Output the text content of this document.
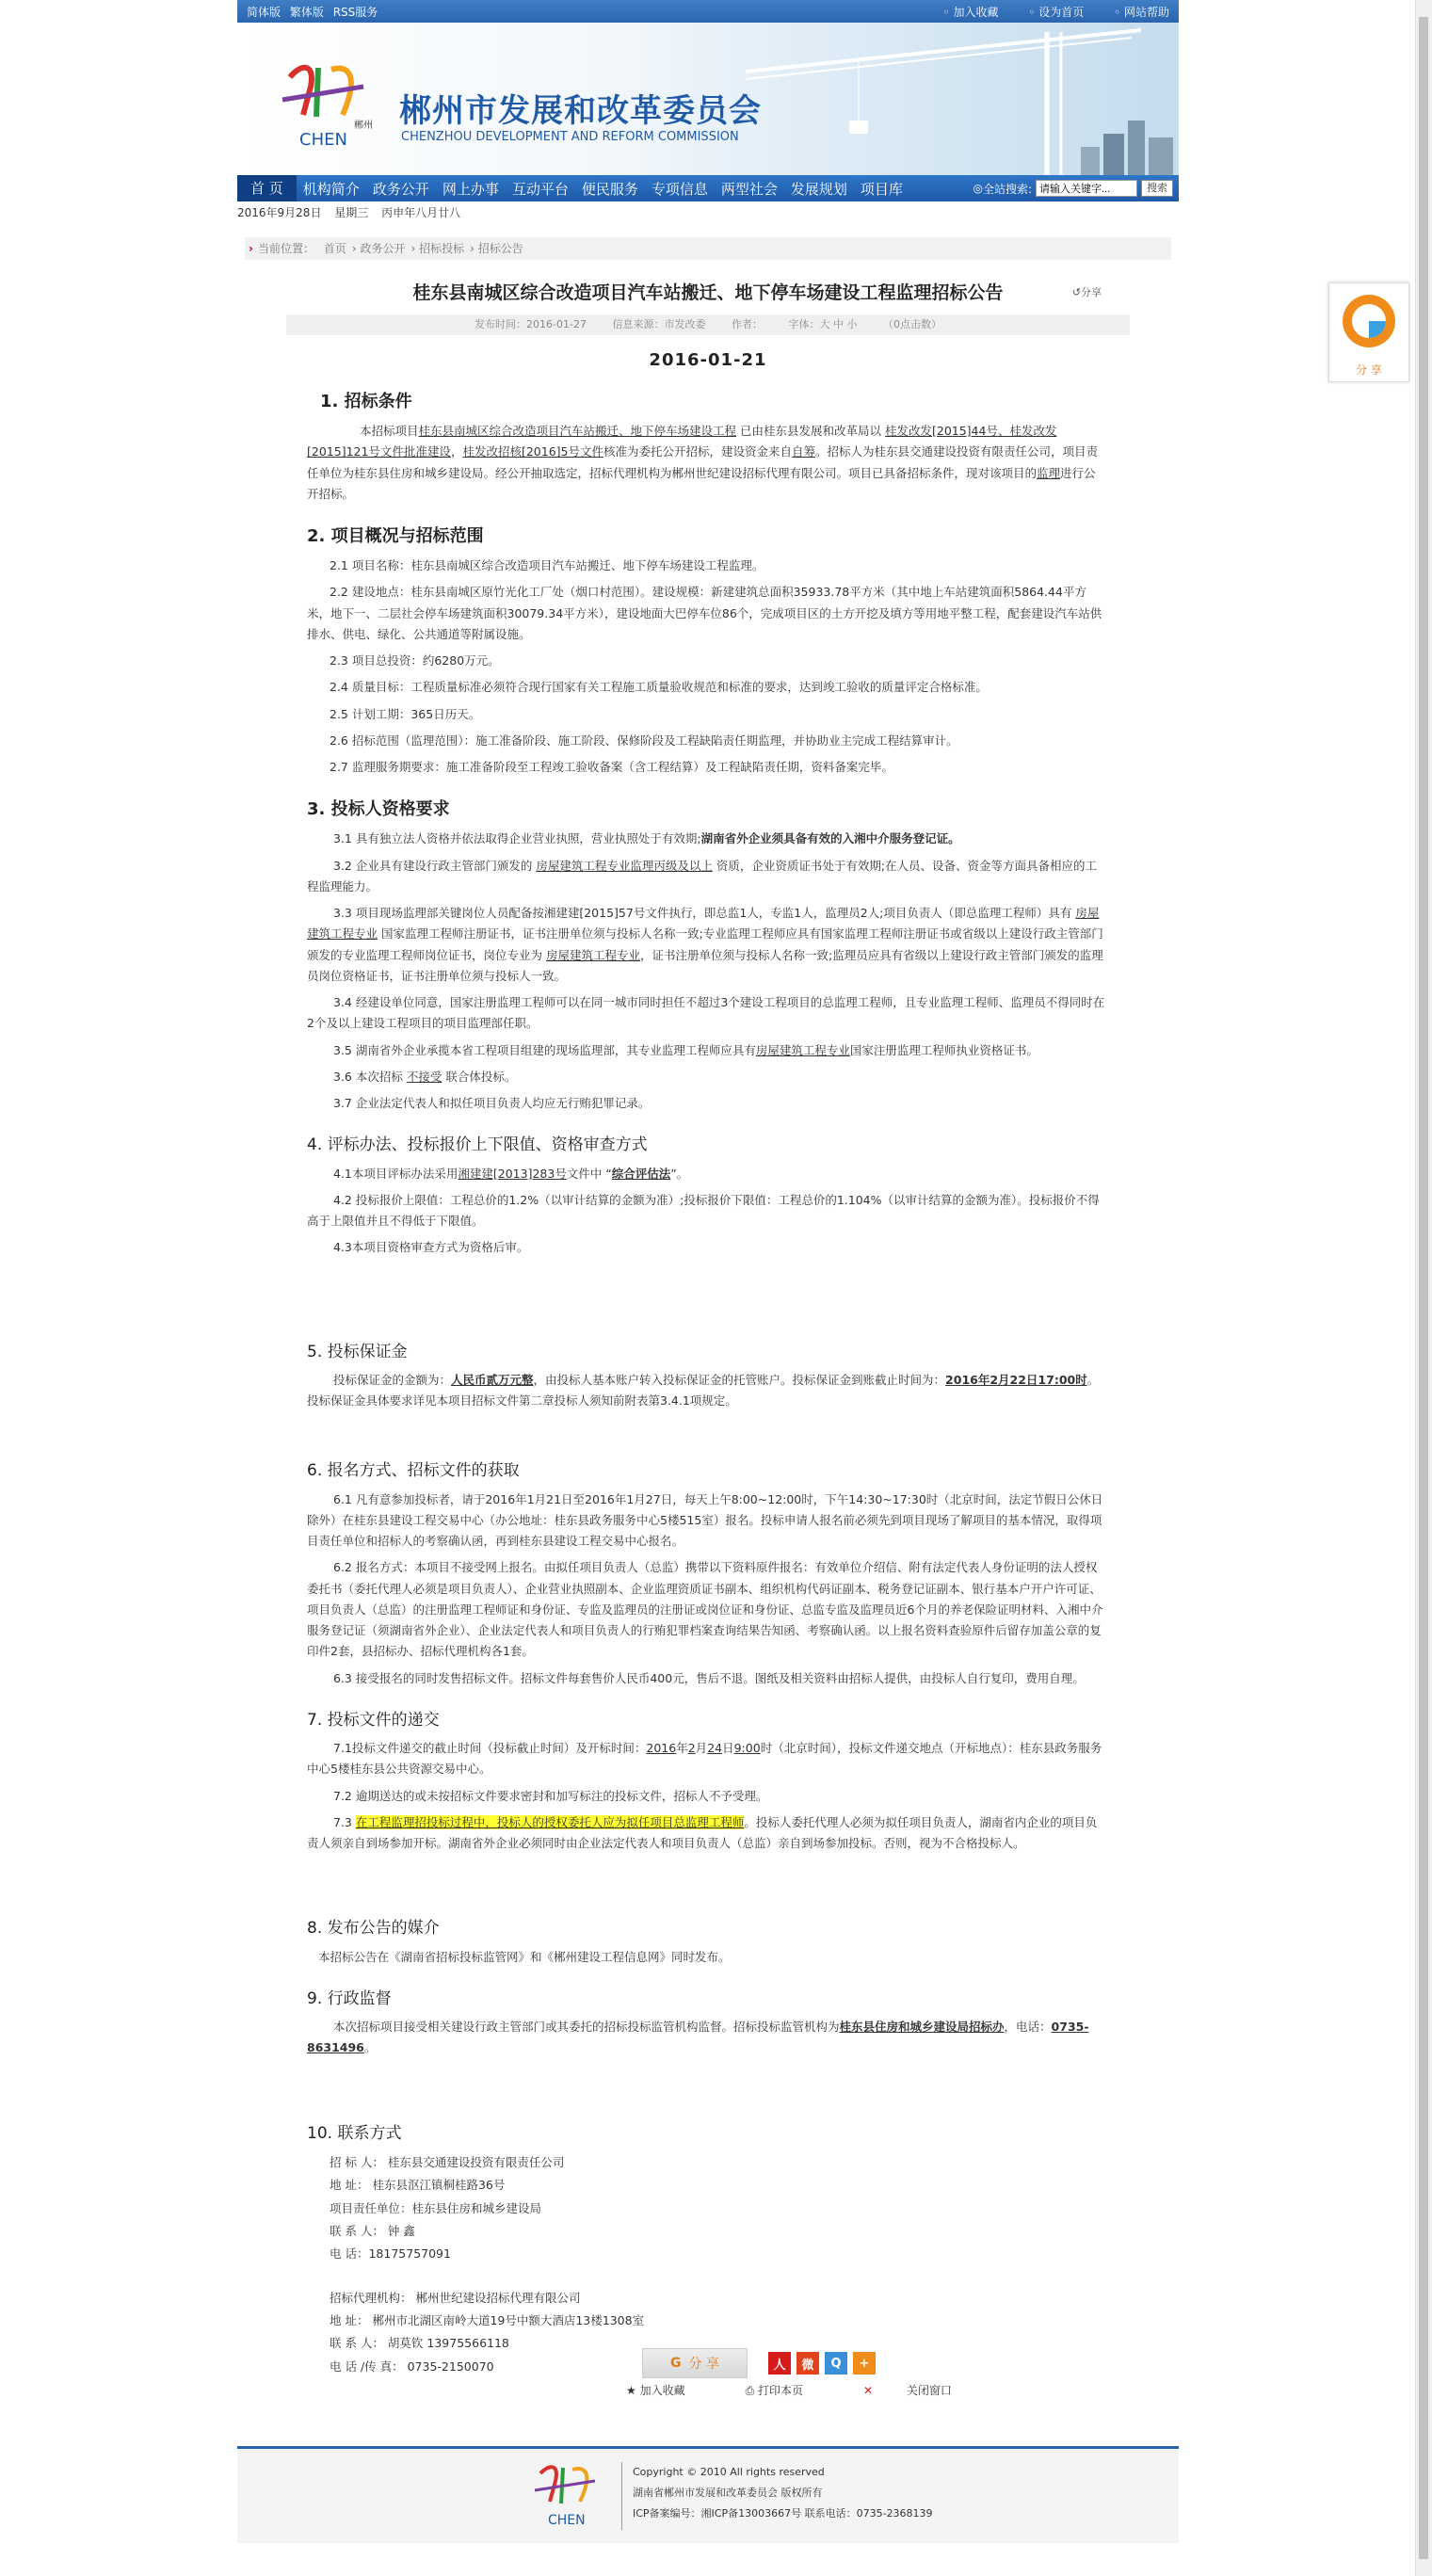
简体版 繁体版 RSS服务	◦ 加入收藏	◦ 设为首页	◦ 网站帮助
郴州
CHEN
郴州市发展和改革委员会
CHENZHOU DEVELOPMENT AND REFORM COMMISSION
首 页	机构简介 政务公开 网上办事 互动平台 便民服务 专项信息 两型社会 发展规划 项目库	◎ 全站搜索:
请输入关键字...	搜索
2016年9月28日 星期三 丙申年八月廿八
› 当前位置： 首页 › 政务公开 › 招标投标 › 招标公告
桂东县南城区综合改造项目汽车站搬迁、地下停车场建设工程监理招标公告	↺分享
发布时间：2016-01-27	信息来源：市发改委	作者：	字体：大 中 小	（0点击数）
2016-01-21
1. 招标条件

本招标项目桂东县南城区综合改造项目汽车站搬迁、地下停车场建设工程 已由桂东县发展和改革局以 桂发改发[2015]44号、桂发改发[2015]121号文件批准建设，桂发改招核[2016]5号文件核准为委托公开招标，建设资金来自自筹。招标人为桂东县交通建设投资有限责任公司，项目责任单位为桂东县住房和城乡建设局。经公开抽取选定，招标代理机构为郴州世纪建设招标代理有限公司。项目已具备招标条件，现对该项目的监理进行公开招标。

2. 项目概况与招标范围

2.1 项目名称：桂东县南城区综合改造项目汽车站搬迁、地下停车场建设工程监理。

2.2 建设地点：桂东县南城区原竹光化工厂处（烟口村范围）。建设规模：新建建筑总面积35933.78平方米（其中地上车站建筑面积5864.44平方米，地下一、二层社会停车场建筑面积30079.34平方米），建设地面大巴停车位86个，完成项目区的土方开挖及填方等用地平整工程，配套建设汽车站供排水、供电、绿化、公共通道等附属设施。

2.3 项目总投资：约6280万元。

2.4 质量目标：工程质量标准必须符合现行国家有关工程施工质量验收规范和标准的要求，达到竣工验收的质量评定合格标准。

2.5 计划工期：365日历天。

2.6 招标范围（监理范围）：施工准备阶段、施工阶段、保修阶段及工程缺陷责任期监理，并协助业主完成工程结算审计。

2.7 监理服务期要求：施工准备阶段至工程竣工验收备案（含工程结算）及工程缺陷责任期，资料备案完毕。

3. 投标人资格要求

3.1 具有独立法人资格并依法取得企业营业执照，营业执照处于有效期;湖南省外企业须具备有效的入湘中介服务登记证。

3.2 企业具有建设行政主管部门颁发的 房屋建筑工程专业监理丙级及以上 资质，企业资质证书处于有效期;在人员、设备、资金等方面具备相应的工程监理能力。

3.3 项目现场监理部关键岗位人员配备按湘建建[2015]57号文件执行，即总监1人，专监1人，监理员2人;项目负责人（即总监理工程师）具有 房屋建筑工程专业 国家监理工程师注册证书，证书注册单位须与投标人名称一致;专业监理工程师应具有国家监理工程师注册证书或省级以上建设行政主管部门颁发的专业监理工程师岗位证书，岗位专业为 房屋建筑工程专业，证书注册单位须与投标人名称一致;监理员应具有省级以上建设行政主管部门颁发的监理员岗位资格证书，证书注册单位须与投标人一致。

3.4 经建设单位同意，国家注册监理工程师可以在同一城市同时担任不超过3个建设工程项目的总监理工程师，且专业监理工程师、监理员不得同时在2个及以上建设工程项目的项目监理部任职。

3.5 湖南省外企业承揽本省工程项目组建的现场监理部，其专业监理工程师应具有房屋建筑工程专业国家注册监理工程师执业资格证书。

3.6 本次招标 不接受 联合体投标。

3.7 企业法定代表人和拟任项目负责人均应无行贿犯罪记录。

4. 评标办法、投标报价上下限值、资格审查方式

4.1本项目评标办法采用湘建建[2013]283号文件中 “综合评估法”。

4.2 投标报价上限值：工程总价的1.2%（以审计结算的金额为准）;投标报价下限值：工程总价的1.104%（以审计结算的金额为准）。投标报价不得高于上限值并且不得低于下限值。

4.3本项目资格审查方式为资格后审。

5. 投标保证金

投标保证金的金额为：人民币贰万元整，由投标人基本账户转入投标保证金的托管账户。投标保证金到账截止时间为：2016年2月22日17:00时。投标保证金具体要求详见本项目招标文件第二章投标人须知前附表第3.4.1项规定。

6. 报名方式、招标文件的获取

6.1 凡有意参加投标者，请于2016年1月21日至2016年1月27日，每天上午8:00~12:00时，下午14:30~17:30时（北京时间，法定节假日公休日除外）在桂东县建设工程交易中心（办公地址：桂东县政务服务中心5楼515室）报名。投标申请人报名前必须先到项目现场了解项目的基本情况，取得项目责任单位和招标人的考察确认函，再到桂东县建设工程交易中心报名。

6.2 报名方式：本项目不接受网上报名。由拟任项目负责人（总监）携带以下资料原件报名：有效单位介绍信、附有法定代表人身份证明的法人授权委托书（委托代理人必须是项目负责人）、企业营业执照副本、企业监理资质证书副本、组织机构代码证副本、税务登记证副本、银行基本户开户许可证、项目负责人（总监）的注册监理工程师证和身份证、专监及监理员的注册证或岗位证和身份证、总监专监及监理员近6个月的养老保险证明材料、入湘中介服务登记证（须湖南省外企业）、企业法定代表人和项目负责人的行贿犯罪档案查询结果告知函、考察确认函。以上报名资料查验原件后留存加盖公章的复印件2套，县招标办、招标代理机构各1套。

6.3 接受报名的同时发售招标文件。招标文件每套售价人民币400元，售后不退。图纸及相关资料由招标人提供，由投标人自行复印，费用自理。

7. 投标文件的递交

7.1投标文件递交的截止时间（投标截止时间）及开标时间：2016年2月24日9:00时（北京时间），投标文件递交地点（开标地点）：桂东县政务服务中心5楼桂东县公共资源交易中心。

7.2 逾期送达的或未按招标文件要求密封和加写标注的投标文件，招标人不予受理。

7.3 在工程监理招投标过程中，投标人的授权委托人应为拟任项目总监理工程师。投标人委托代理人必须为拟任项目负责人，湖南省内企业的项目负责人须亲自到场参加开标。湖南省外企业必须同时由企业法定代表人和项目负责人（总监）亲自到场参加投标。否则，视为不合格投标人。

8. 发布公告的媒介

本招标公告在《湖南省招标投标监管网》和《郴州建设工程信息网》同时发布。

9. 行政监督

本次招标项目接受相关建设行政主管部门或其委托的招标投标监管机构监督。招标投标监管机构为桂东县住房和城乡建设局招标办，电话：0735-8631496。

10. 联系方式
招 标 人： 桂东县交通建设投资有限责任公司
地 址： 桂东县沤江镇桐桂路36号
项目责任单位：桂东县住房和城乡建设局
联 系 人： 钟 鑫
电 话：18175757091
招标代理机构： 郴州世纪建设招标代理有限公司
地 址： 郴州市北湖区南岭大道19号中额大酒店13楼1308室
联 系 人： 胡莫钦 13975566118
电 话 /传 真： 0735-2150070	G 分 享	人	微	Q	+
★ 加入收藏	⎙ 打印本页	✕	关闭窗口
CHEN
Copyright © 2010 All rights reserved
湖南省郴州市发展和改革委员会 版权所有
ICP备案编号：湘ICP备13003667号 联系电话：0735-2368139
分 享
